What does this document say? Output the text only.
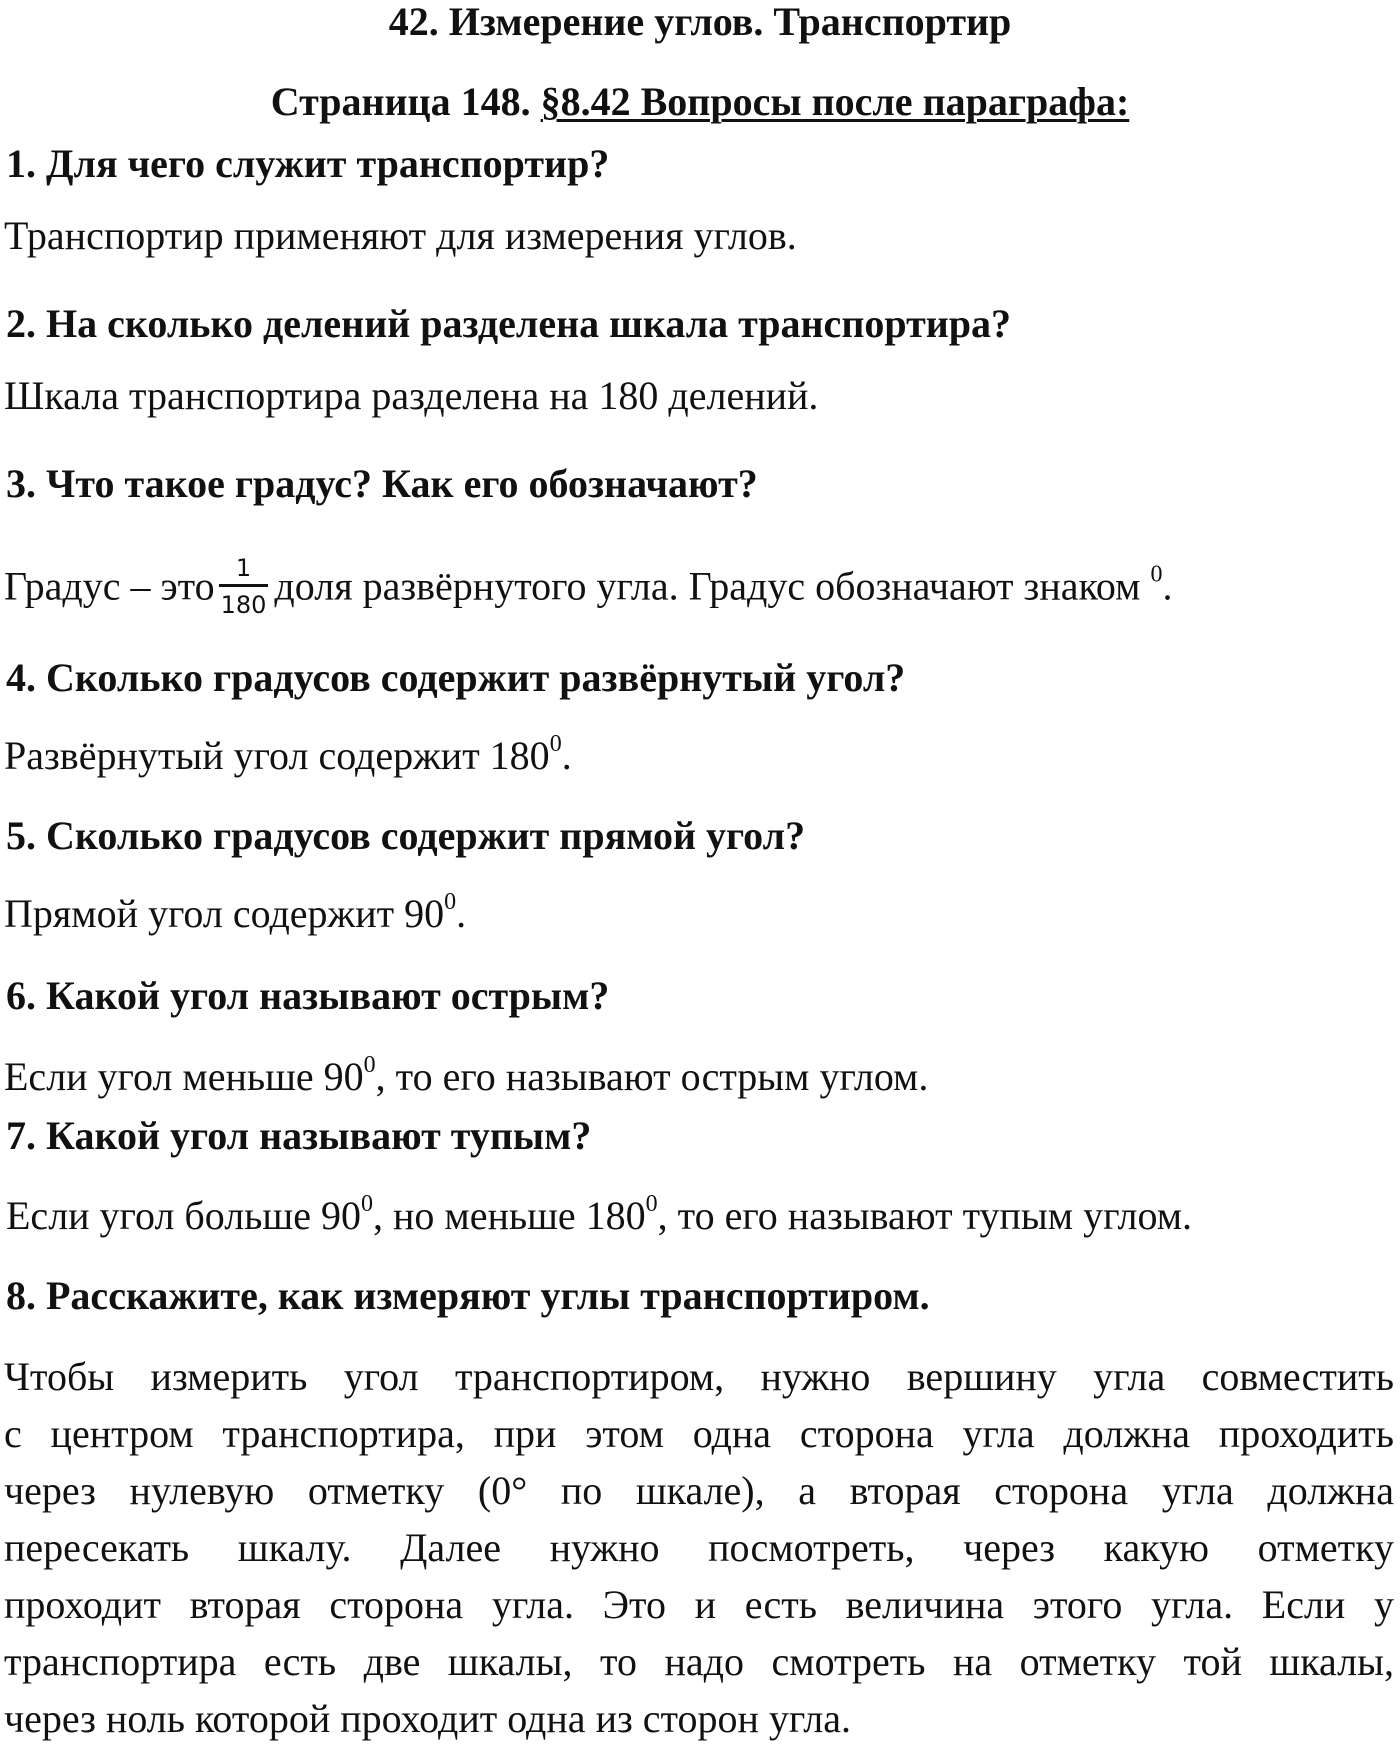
42. Измерение углов. Транспортир
Страница 148. §8.42 Вопросы после параграфа:
1. Для чего служит транспортир?
Транспортир применяют для измерения углов.
2. На сколько делений разделена шкала транспортира?
Шкала транспортира разделена на 180 делений.
3. Что такое градус? Как его обозначают?
Градус – это $\frac{1}{180}$ доля развёрнутого угла. Градус обозначают знаком $^0$.
4. Сколько градусов содержит развёрнутый угол?
Развёрнутый угол содержит $180^0$.
5. Сколько градусов содержит прямой угол?
Прямой угол содержит $90^0$.
6. Какой угол называют острым?
Если угол меньше $90^0$, то его называют острым углом.
7. Какой угол называют тупым?
Если угол больше $90^0$, но меньше $180^0$, то его называют тупым углом.
8. Расскажите, как измеряют углы транспортиром.
Чтобы измерить угол транспортиром, нужно вершину угла совместить
с центром транспортира, при этом одна сторона угла должна проходить
через нулевую отметку (0° по шкале), а вторая сторона угла должна
пересекать шкалу. Далее нужно посмотреть, через какую отметку
проходит вторая сторона угла. Это и есть величина этого угла. Если у
транспортира есть две шкалы, то надо смотреть на отметку той шкалы,
через ноль которой проходит одна из сторон угла.
